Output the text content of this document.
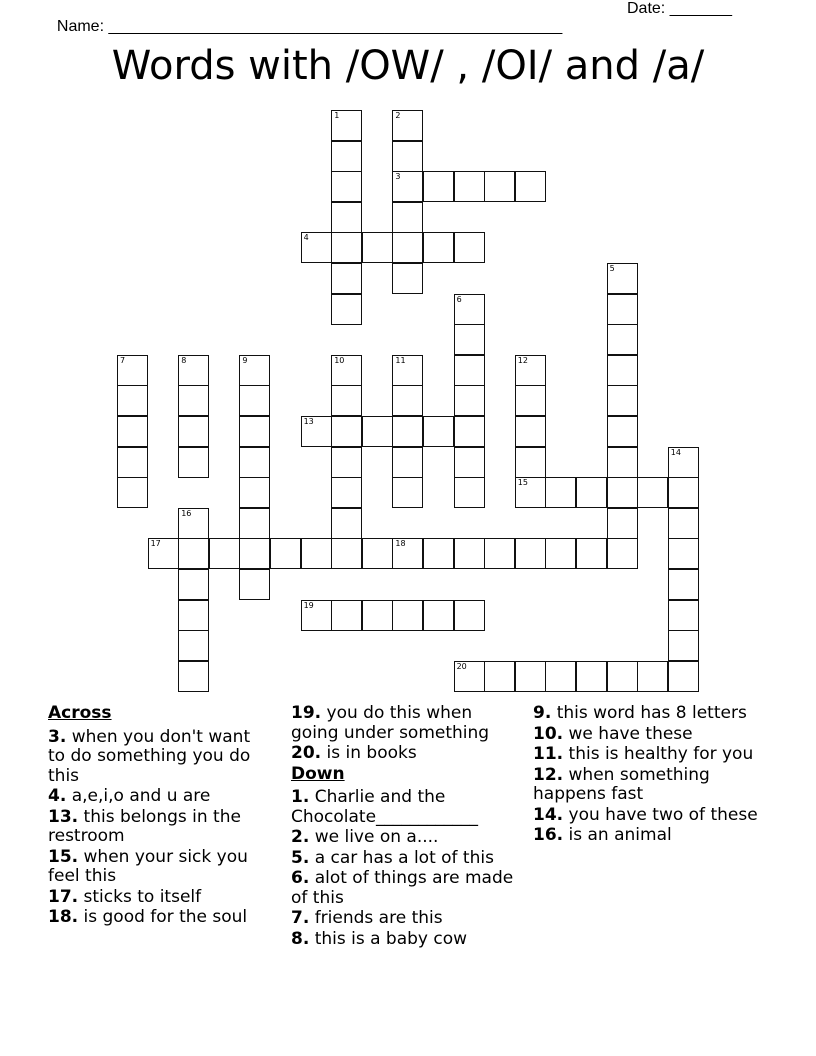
Name: ___________________________________________________

Date: _______

Words with /OW/ , /OI/ and /a/
1	2
3
4
5
6
7	8	9	10	11	12
15
13
14
16
17	18
19
20
Across
3. when you don't want to do something you do this
4. a,e,i,o and u are
13. this belongs in the restroom
15. when your sick you feel this
17. sticks to itself
18. is good for the soul
19. you do this when going under something
20. is in books
Down
1. Charlie and the Chocolate____________
2. we live on a....
5. a car has a lot of this
6. alot of things are made of this
7. friends are this
8. this is a baby cow
9. this word has 8 letters
10. we have these
11. this is healthy for you
12. when something happens fast
14. you have two of these
16. is an animal
